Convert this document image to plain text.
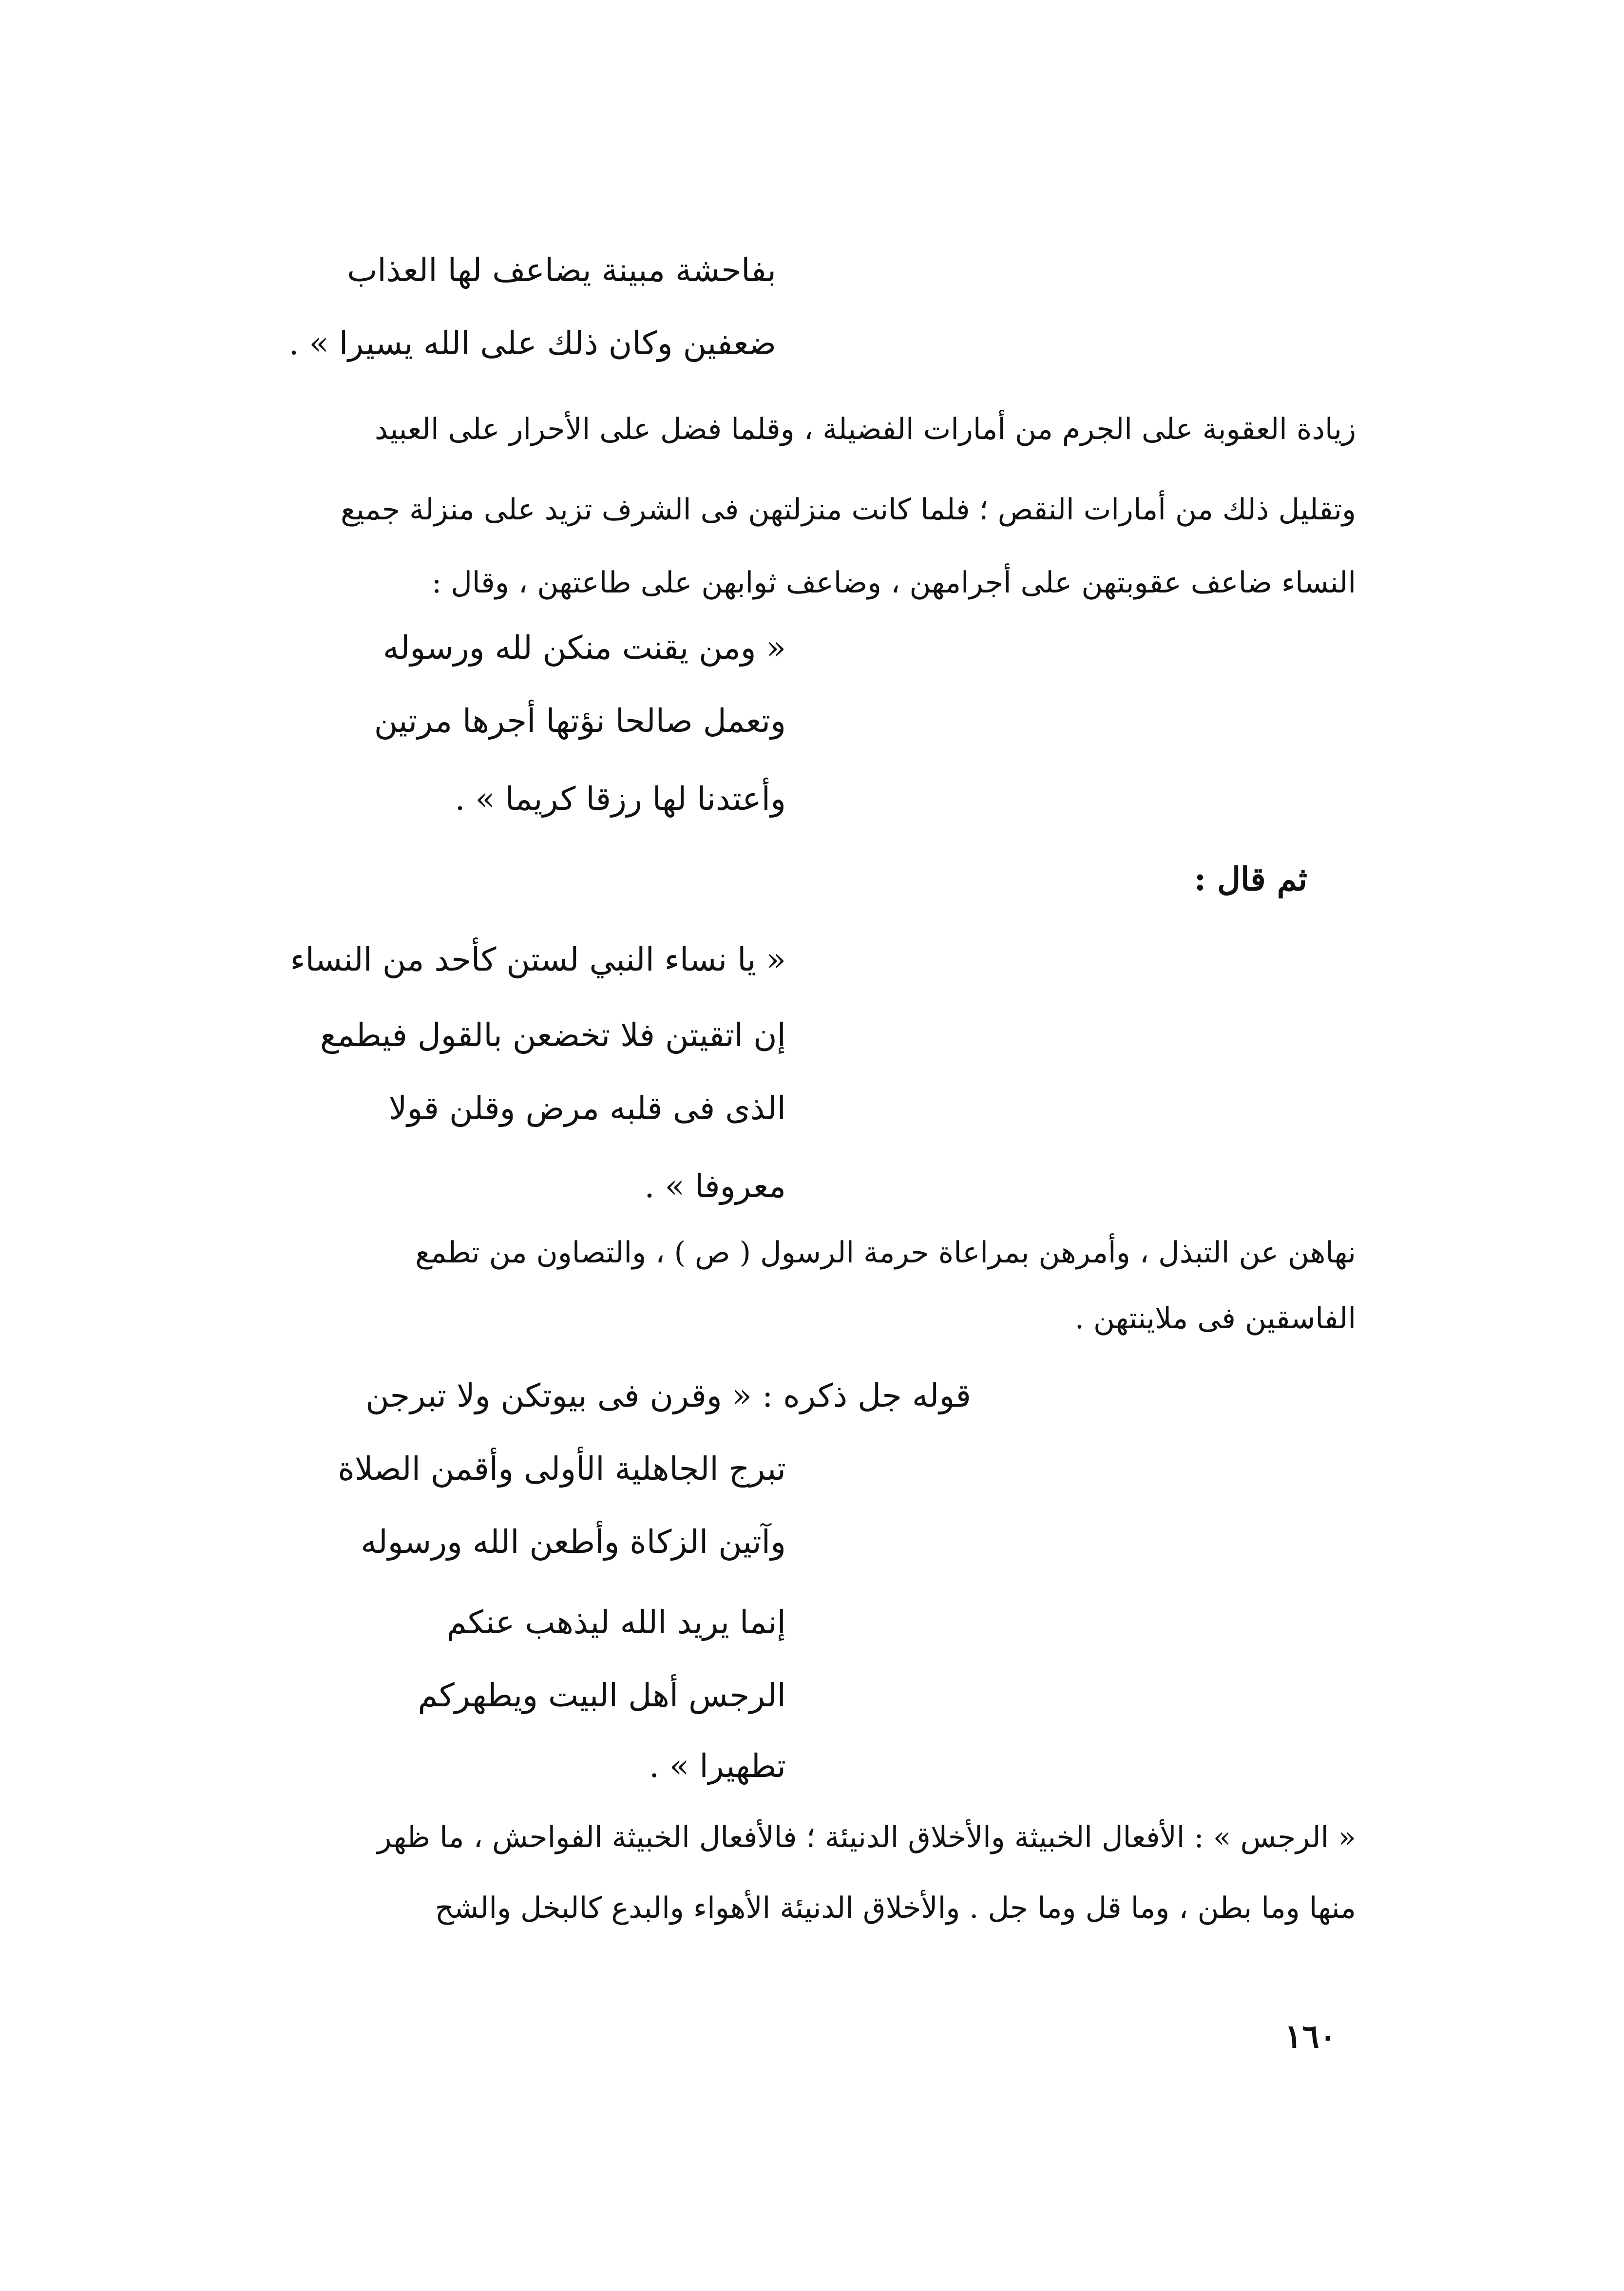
بفاحشة مبينة يضاعف لها العذاب
ضعفين وكان ذلك على الله يسيرا » .
زيادة العقوبة على الجرم من أمارات الفضيلة ، وقلما فضل على الأحرار على العبيد
وتقليل ذلك من أمارات النقص ؛ فلما كانت منزلتهن فى الشرف تزيد على منزلة جميع
النساء ضاعف عقوبتهن على أجرامهن ، وضاعف ثوابهن على طاعتهن ، وقال :
« ومن يقنت منكن لله ورسوله
وتعمل صالحا نؤتها أجرها مرتين
وأعتدنا لها رزقا كريما » .
ثم قال :
« يا نساء النبي لستن كأحد من النساء
إن اتقيتن فلا تخضعن بالقول فيطمع
الذى فى قلبه مرض وقلن قولا
معروفا » .
نهاهن عن التبذل ، وأمرهن بمراعاة حرمة الرسول ( ص ) ، والتصاون من تطمع
الفاسقين فى ملاينتهن .
قوله جل ذكره : « وقرن فى بيوتكن ولا تبرجن
تبرج الجاهلية الأولى وأقمن الصلاة
وآتين الزكاة وأطعن الله ورسوله
إنما يريد الله ليذهب عنكم
الرجس أهل البيت ويطهركم
تطهيرا » .
« الرجس » : الأفعال الخبيثة والأخلاق الدنيئة ؛ فالأفعال الخبيثة الفواحش ، ما ظهر
منها وما بطن ، وما قل وما جل . والأخلاق الدنيئة الأهواء والبدع كالبخل والشح
١٦٠
